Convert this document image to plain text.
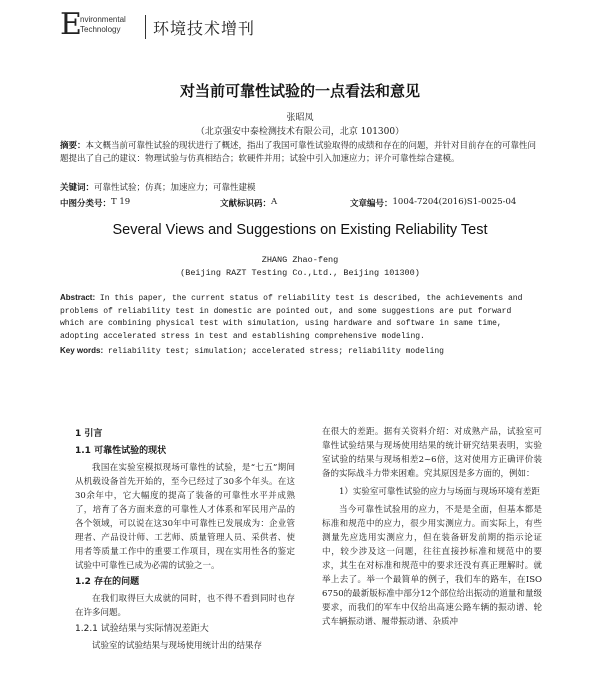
E
nvironmental
Technology	环境技术增刊
对当前可靠性试验的一点看法和意见
张昭凤
（北京强安中泰检测技术有限公司，北京 101300）
摘要：本文概当前可靠性试验的现状进行了概述，指出了我国可靠性试验取得的成绩和存在的问题，并针对目前存在的可靠性问题提出了自己的建议：物理试验与仿真相结合；软硬件并用；试验中引入加速应力；评介可靠性综合建模。
关键词：可靠性试验；仿真；加速应力；可靠性建模
中图分类号： T 19	文献标识码： A	文章编号： 1004-7204(2016)S1-0025-04
Several Views and Suggestions on Existing Reliability Test
ZHANG Zhao-feng
(Beijing RAZT Testing Co.,Ltd., Beijing 101300)
Abstract: In this paper, the current status of reliability test is described, the achievements and problems of reliability test in domestic are pointed out, and some suggestions are put forward which are combining physical test with simulation, using hardware and software in same time, adopting accelerated stress in test and establishing comprehensive modeling.
Key words: reliability test; simulation; accelerated stress; reliability modeling
1 引言
1.1 可靠性试验的现状

我国在实验室模拟现场可靠性的试验，是“七五”期间从机载设备首先开始的，至今已经过了30多个年头。在这30余年中，它大幅度的提高了装备的可靠性水平并成熟了，培育了各方面来意的可靠性人才体系和军民用产品的各个领域，可以说在这30年中可靠性已发展成为：企业管理者、产品设计师、工艺师、质量管理人员、采供者、使用者等质量工作中的重要工作项目，现在实用性各的鉴定试验中可靠性已成为必需的试验之一。

1.2 存在的问题

在我们取得巨大成就的同时，也不得不看到同时也存在许多问题。

1.2.1 试验结果与实际情况差距大

试验室的试验结果与现场使用统计出的结果存

在很大的差距。据有关资料介绍：对成熟产品，试验室可靠性试验结果与现场使用结果的统计研究结果表明，实验室试验的结果与现场相差2~6倍，这对使用方正确评价装备的实际战斗力带来困难。究其原因是多方面的，例如：

1）实验室可靠性试验的应力与场面与现场环境有差距

当今可靠性试验用的应力，不是是全面，但基本都是标准和规范中的应力，很少用实测应力。而实际上，有些测量先应选用实测应力，但在装备研发前期的指示论证中，较少涉及这一问题，往往直接抄标准和规范中的要求，其生在对标准和规范中的要求还没有真正理解时。就举上去了。举一个最简单的例子，我们车的路车，在ISO 6750的最新版标准中部分12个部位给出振动的道量和量级要求，而我们的军车中仅给出高速公路车辆的振动谱、轮式车辆振动谱、履带振动谱、杂质冲
